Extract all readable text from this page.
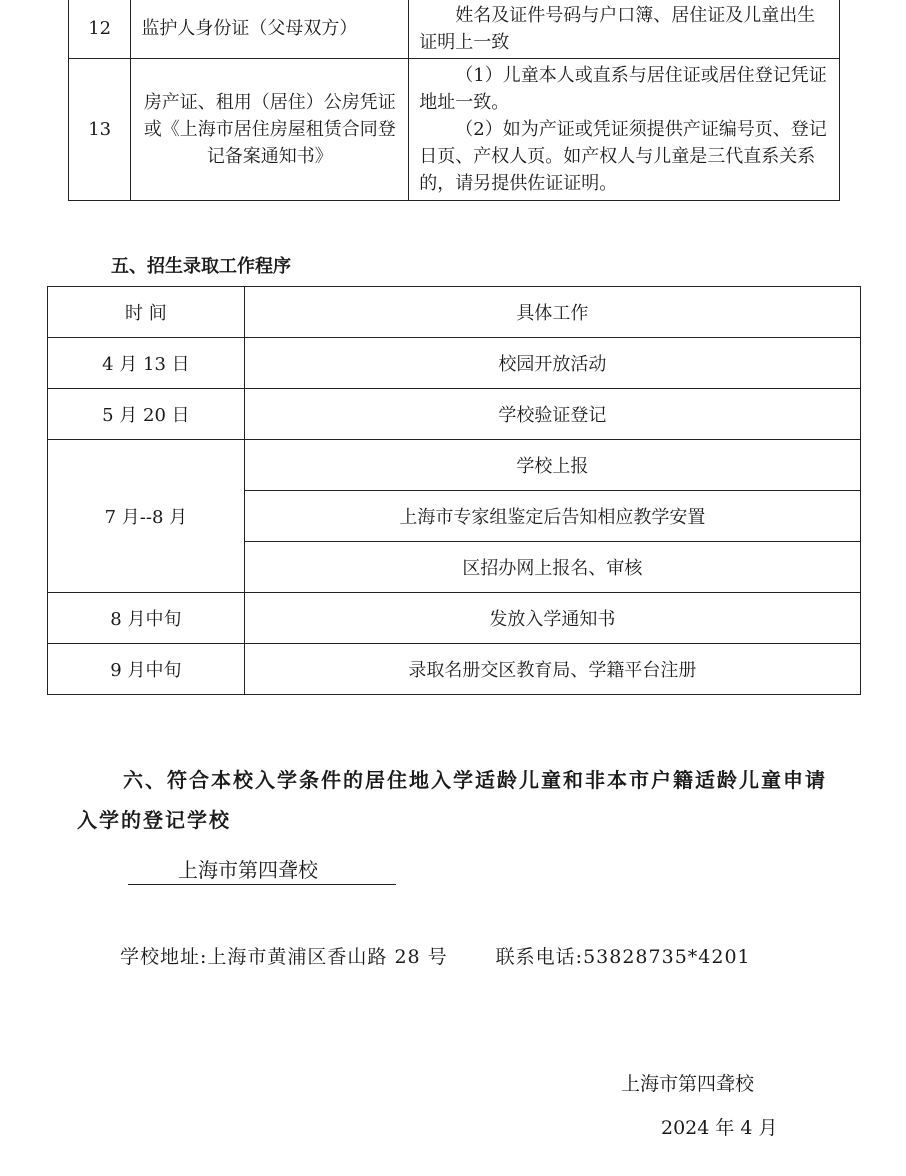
12	监护人身份证（父母双方）	姓名及证件号码与户口簿、居住证及儿童出生证明上一致

13	房产证、租用（居住）公房凭证或《上海市居住房屋租赁合同登记备案通知书》	（1）儿童本人或直系与居住证或居住登记凭证地址一致。
（2）如为产证或凭证须提供产证编号页、登记日页、产权人页。如产权人与儿童是三代直系关系的，请另提供佐证证明。
五、招生录取工作程序
时 间	具体工作
4 月 13 日	校园开放活动
5 月 20 日	学校验证登记
7 月--8 月	学校上报
	上海市专家组鉴定后告知相应教学安置
	区招办网上报名、审核
8 月中旬	发放入学通知书
9 月中旬	录取名册交区教育局、学籍平台注册

六、符合本校入学条件的居住地入学适龄儿童和非本市户籍适龄儿童申请入学的登记学校

上海市第四聋校
学校地址:上海市黄浦区香山路 28 号	联系电话:53828735*4201
上海市第四聋校
2024 年 4 月
